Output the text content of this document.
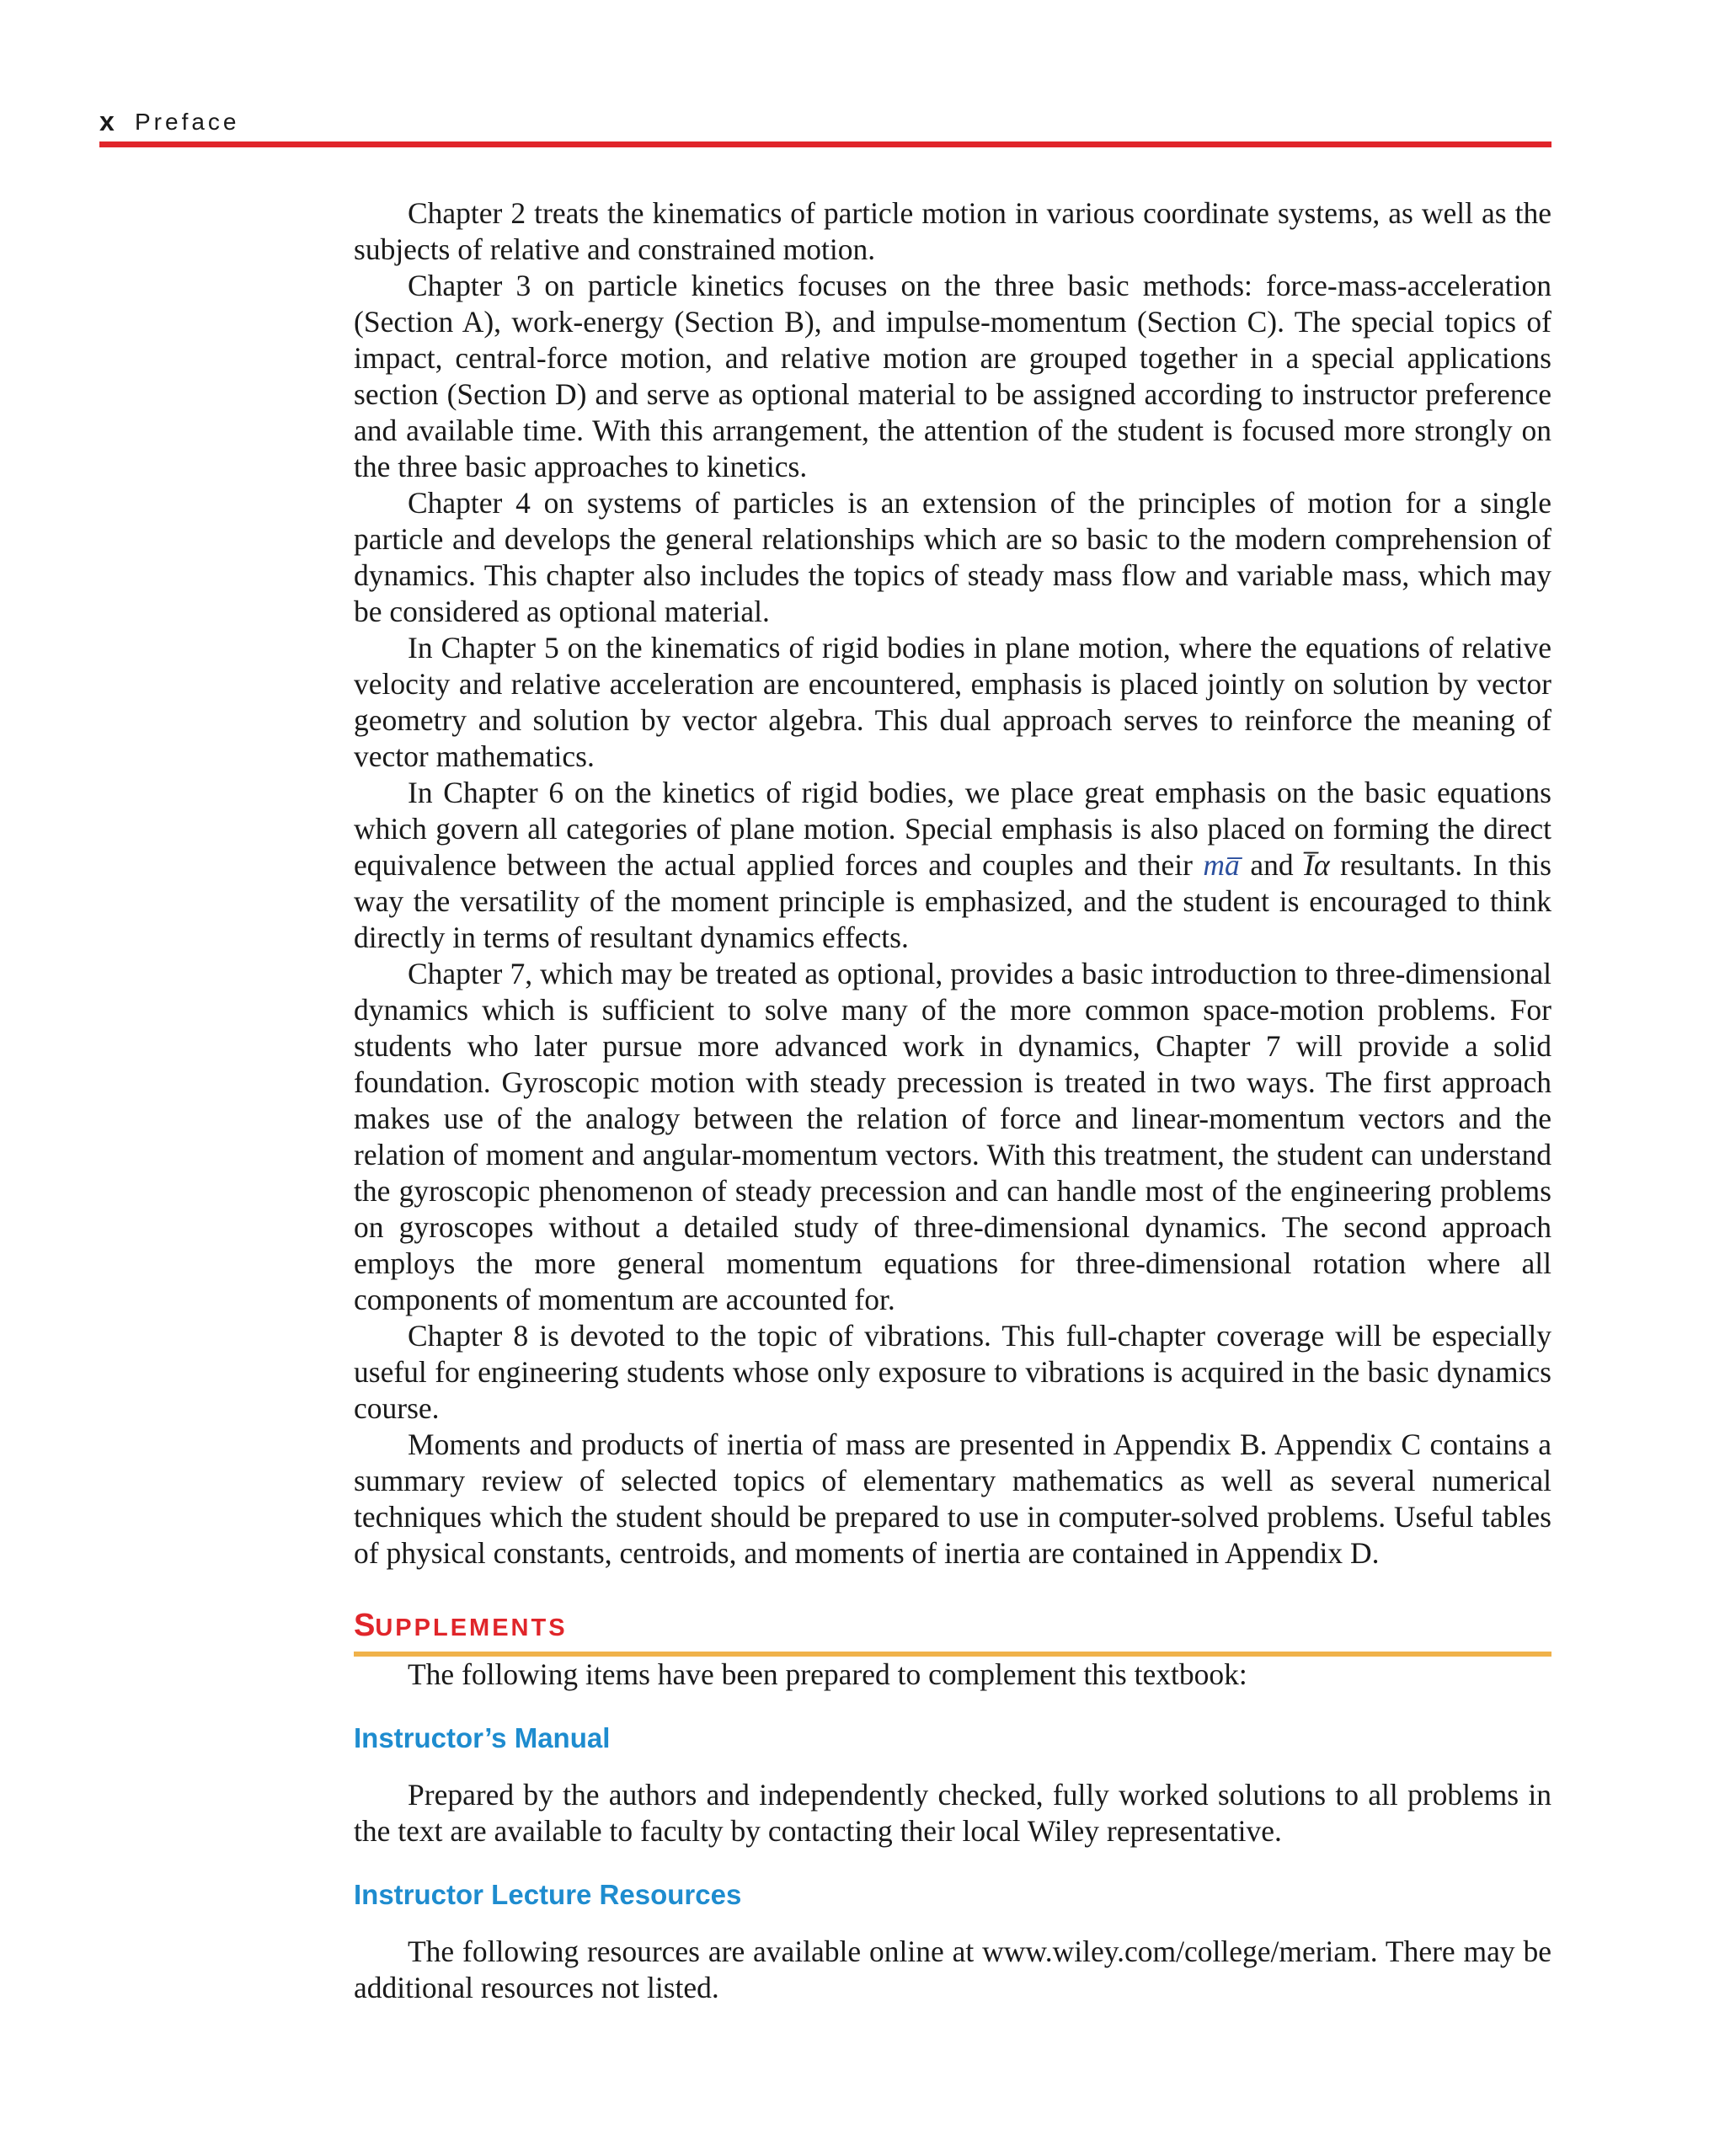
x Preface

Chapter 2 treats the kinematics of particle motion in various coordinate systems, as well as the subjects of relative and constrained motion.

Chapter 3 on particle kinetics focuses on the three basic methods: force-mass-acceleration (Section A), work-energy (Section B), and impulse-momentum (Section C). The special topics of impact, central-force motion, and relative motion are grouped together in a special applications section (Section D) and serve as optional material to be assigned according to instructor preference and available time. With this arrangement, the attention of the student is focused more strongly on the three basic approaches to kinetics.

Chapter 4 on systems of particles is an extension of the principles of motion for a single particle and develops the general relationships which are so basic to the modern comprehension of dynamics. This chapter also includes the topics of steady mass flow and variable mass, which may be considered as optional material.

In Chapter 5 on the kinematics of rigid bodies in plane motion, where the equations of relative velocity and relative acceleration are encountered, emphasis is placed jointly on solution by vector geometry and solution by vector algebra. This dual approach serves to reinforce the meaning of vector mathematics.

In Chapter 6 on the kinetics of rigid bodies, we place great emphasis on the basic equations which govern all categories of plane motion. Special emphasis is also placed on forming the direct equivalence between the actual applied forces and couples and their ma̅ and I̅α resultants. In this way the versatility of the moment principle is emphasized, and the student is encouraged to think directly in terms of resultant dynamics effects.

Chapter 7, which may be treated as optional, provides a basic introduction to three-dimensional dynamics which is sufficient to solve many of the more common space-motion problems. For students who later pursue more advanced work in dynamics, Chapter 7 will provide a solid foundation. Gyroscopic motion with steady precession is treated in two ways. The first approach makes use of the analogy between the relation of force and linear-momentum vectors and the relation of moment and angular-momentum vectors. With this treatment, the student can understand the gyroscopic phenomenon of steady precession and can handle most of the engineering problems on gyroscopes without a detailed study of three-dimensional dynamics. The second approach employs the more general momentum equations for three-dimensional rotation where all components of momentum are accounted for.

Chapter 8 is devoted to the topic of vibrations. This full-chapter coverage will be especially useful for engineering students whose only exposure to vibrations is acquired in the basic dynamics course.

Moments and products of inertia of mass are presented in Appendix B. Appendix C contains a summary review of selected topics of elementary mathematics as well as several numerical techniques which the student should be prepared to use in computer-solved problems. Useful tables of physical constants, centroids, and moments of inertia are contained in Appendix D.

SUPPLEMENTS

The following items have been prepared to complement this textbook:

Instructor’s Manual

Prepared by the authors and independently checked, fully worked solutions to all problems in the text are available to faculty by contacting their local Wiley representative.

Instructor Lecture Resources

The following resources are available online at www.wiley.com/college/meriam. There may be additional resources not listed.
